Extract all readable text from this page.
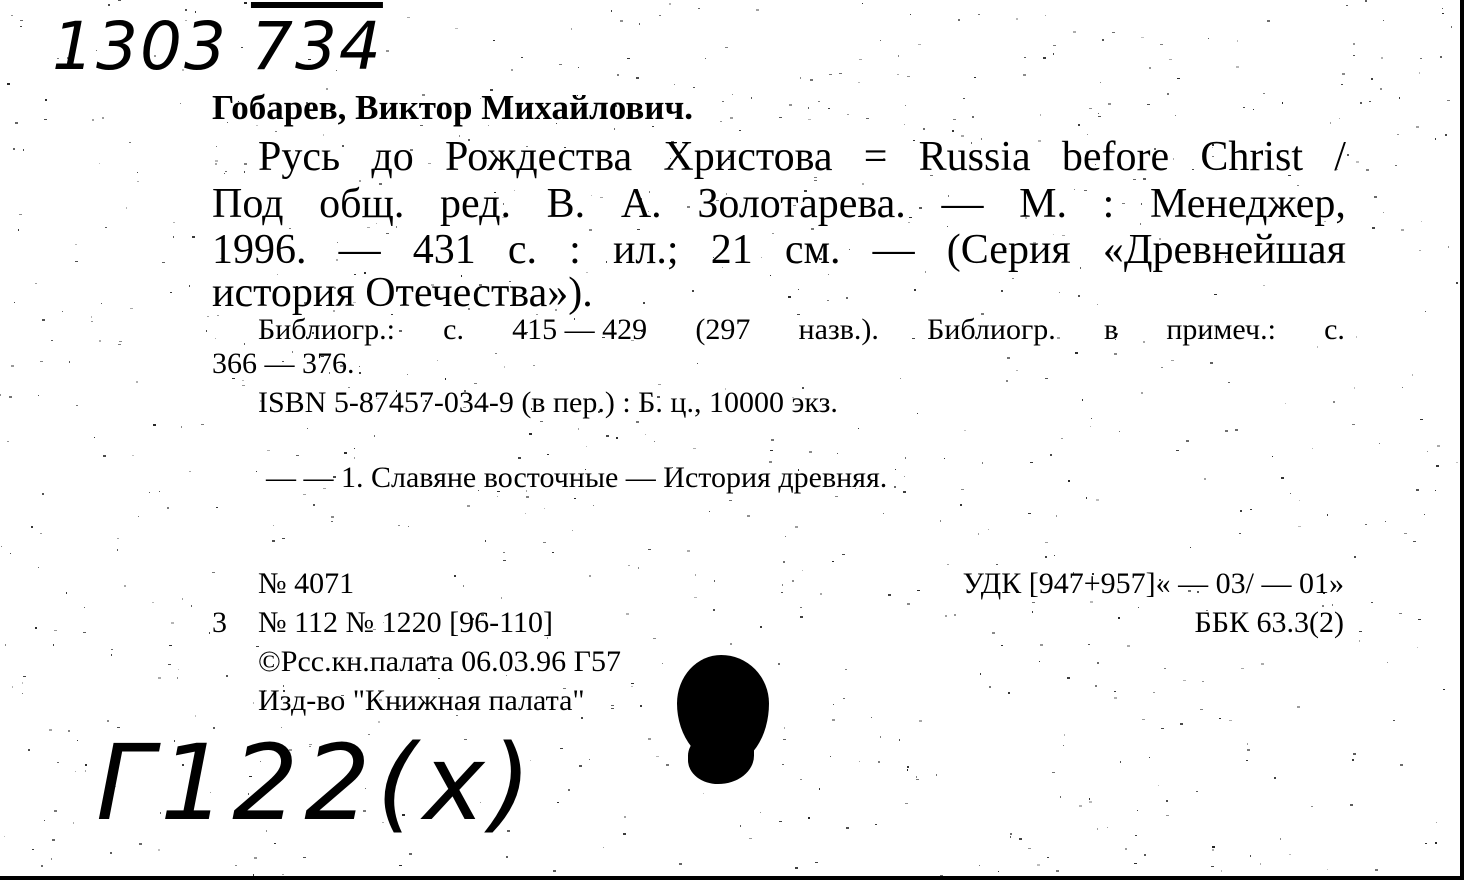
1303 734
Гобарев, Виктор Михайлович.
Русь до Рождества Христова = Russia before Christ /
Под общ. ред. В. А. Золотарева. — М. : Менеджер,
1996. — 431 с. : ил.; 21 см. — (Серия «Древнейшая
история Отечества»).
Библиогр.: с. 415 — 429 (297 назв.). Библиогр. в примеч.: с.
366 — 376.
ISBN 5-87457-034-9 (в пер.) : Б. ц., 10000 экз.
— — 1. Славяне восточные — История древняя.
№ 4071
3 № 112 № 1220 [96-110]
©Рсс.кн.палата 06.03.96 Г57
Изд-во "Книжная палата"
УДК [947+957]« — 03/ — 01»
ББК 63.3(2)
Г122(х)
